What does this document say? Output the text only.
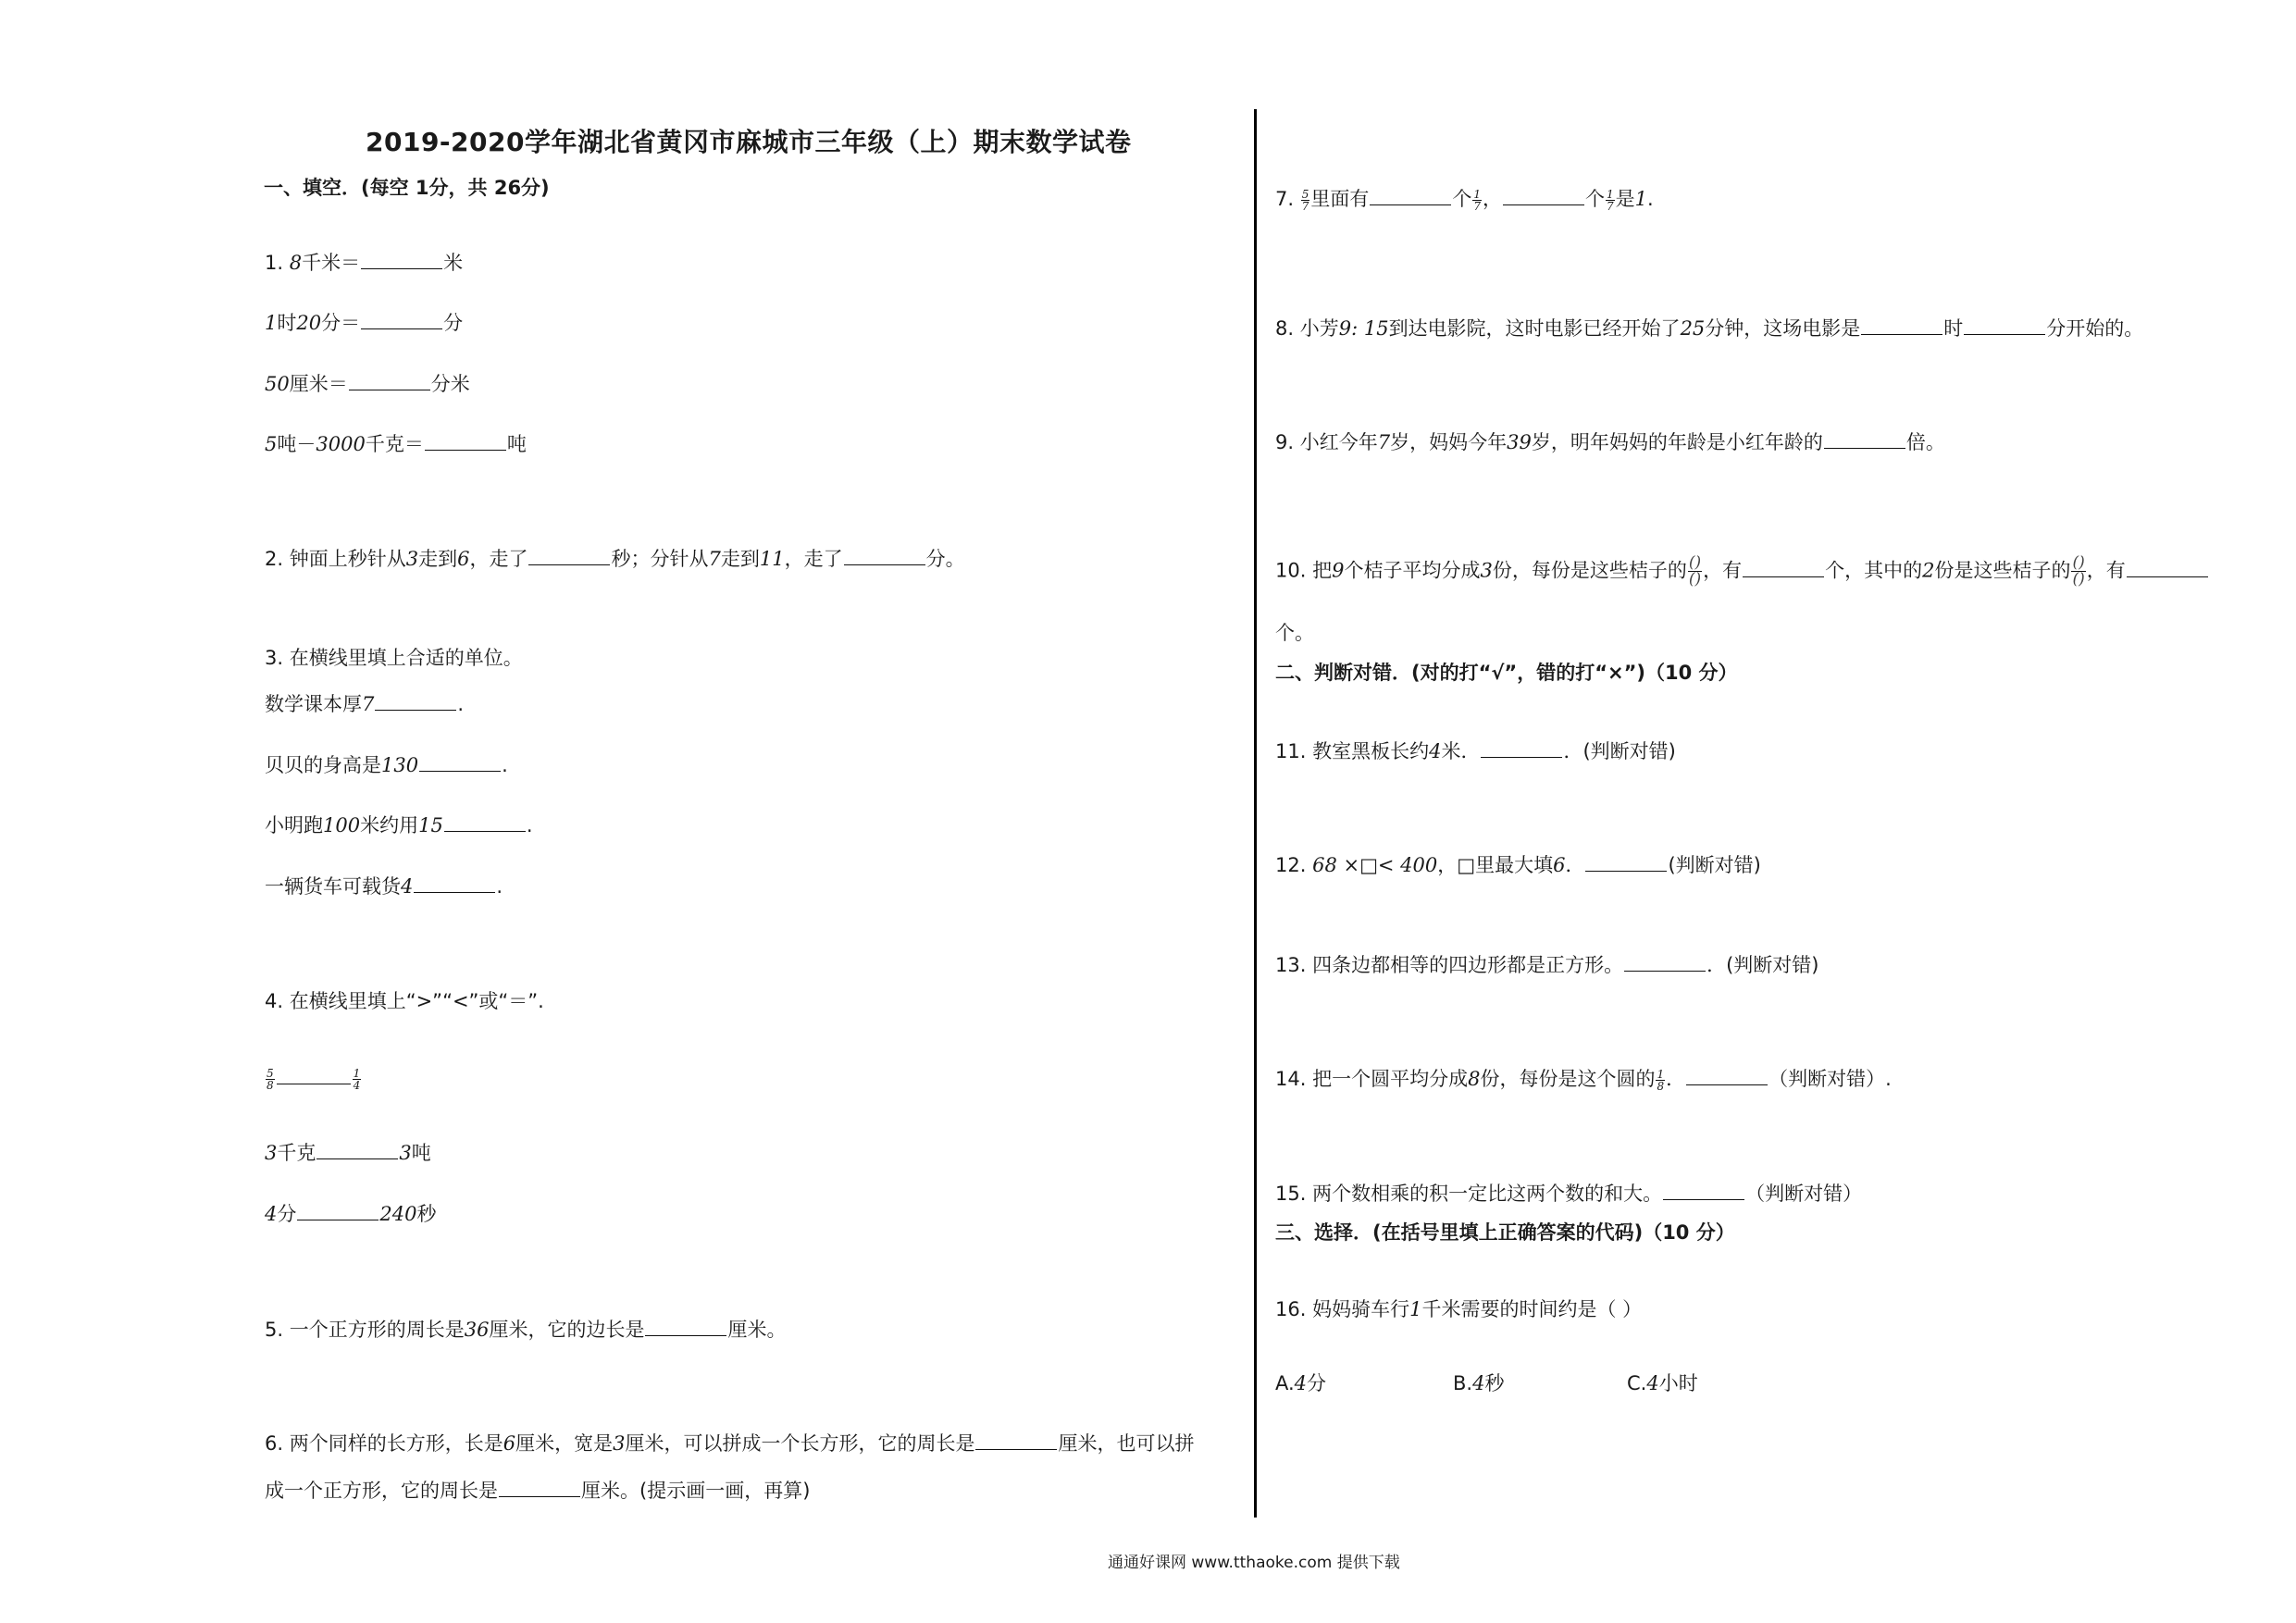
2019-2020学年湖北省黄冈市麻城市三年级（上）期末数学试卷
一、填空．(每空 1分，共 26分)
1. 8千米＝	米
1时20分＝	分
50厘米＝	分米
5吨－3000千克＝	吨
2. 钟面上秒针从3走到6，走了	秒；分针从7走到11，走了	分。
3. 在横线里填上合适的单位。
数学课本厚7	.
贝贝的身高是130	.
小明跑100米约用15	.
一辆货车可载货4	.
4. 在横线里填上“>”“<”或“＝”.
$\frac{5}{8}$	$\frac{1}{4}$
3千克	3吨
4分	240秒
5. 一个正方形的周长是36厘米，它的边长是	厘米。
6. 两个同样的长方形，长是6厘米，宽是3厘米，可以拼成一个长方形，它的周长是	厘米，也可以拼
成一个正方形，它的周长是	厘米。(提示画一画，再算)
7. $\frac{5}{7}$ 里面有	个 $\frac{1}{7}$ ，	个 $\frac{1}{7}$ 是1.
8. 小芳9: 15到达电影院，这时电影已经开始了25分钟，这场电影是	时	分开始的。
9. 小红今年7岁，妈妈今年39岁，明年妈妈的年龄是小红年龄的	倍。
10. 把9个桔子平均分成3份，每份是这些桔子的 $\frac{()}{()}$ ，有	个，其中的2份是这些桔子的 $\frac{()}{()}$ ，有
个。
二、判断对错．(对的打“√”，错的打“×”)（10 分）
11. 教室黑板长约4米．	．(判断对错)
12. 68 ×□< 400，□里最大填6．	(判断对错)
13. 四条边都相等的四边形都是正方形。	．(判断对错)
14. 把一个圆平均分成8份，每份是这个圆的 $\frac{1}{8}$ ．	（判断对错）.
15. 两个数相乘的积一定比这两个数的和大。	（判断对错）
三、选择．(在括号里填上正确答案的代码)（10 分）
16. 妈妈骑车行1千米需要的时间约是（ ）
A.4分	B.4秒	C.4小时
通通好课网 www.tthaoke.com 提供下载
